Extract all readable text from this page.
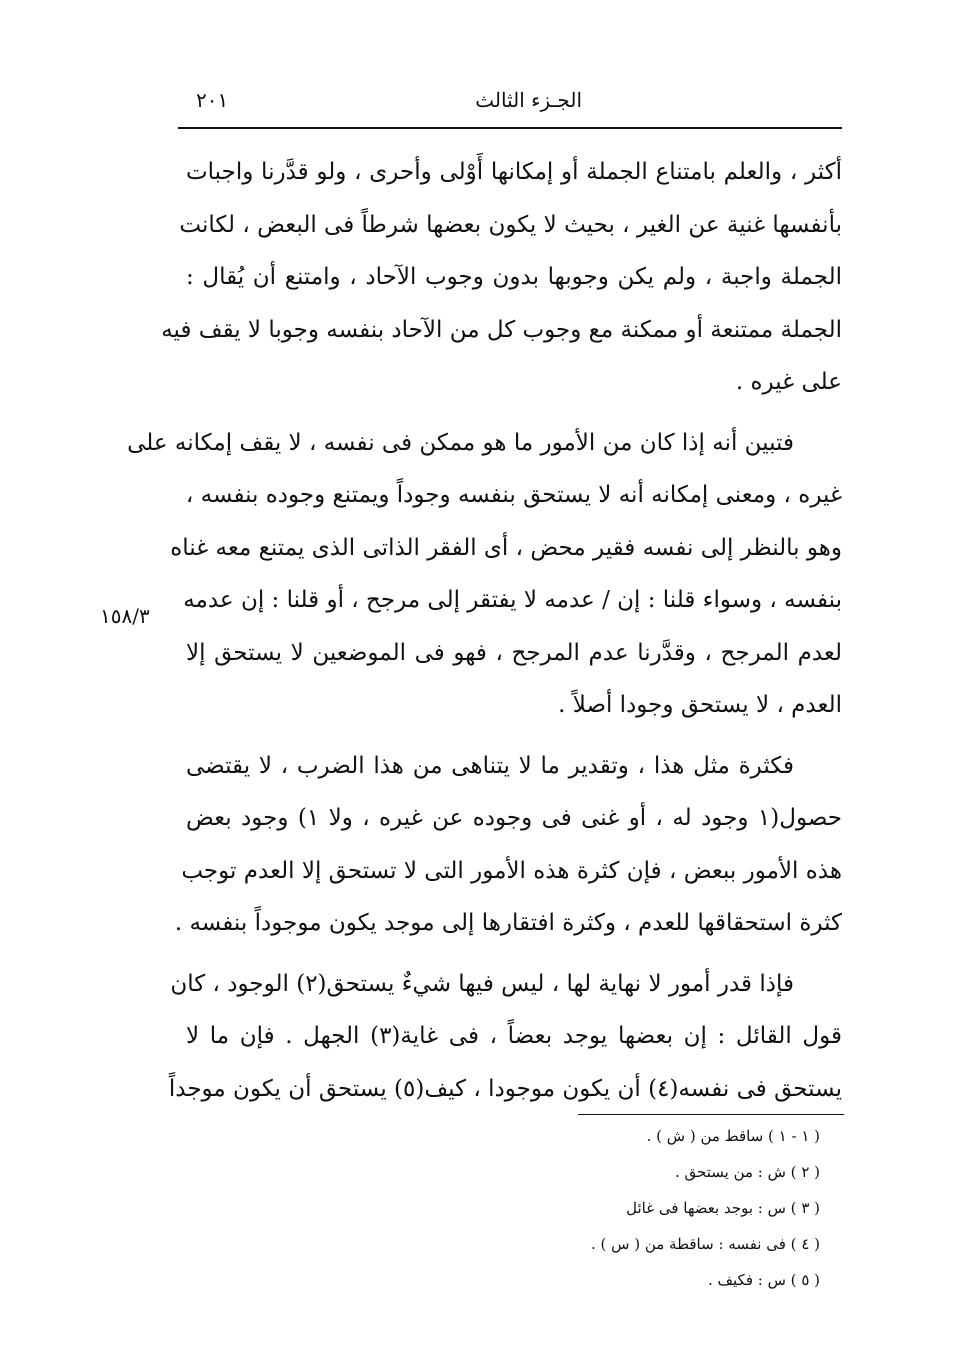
الجـزء الثالث
٢٠١
١٥٨/٣
أكثر ، والعلم بامتناع الجملة أو إمكانها أَوْلى وأحرى ، ولو قدَّرنا واجبات
بأنفسها غنية عن الغير ، بحيث لا يكون بعضها شرطاً فى البعض ، لكانت
الجملة واجبة ، ولم يكن وجوبها بدون وجوب الآحاد ، وامتنع أن يُقال :
الجملة ممتنعة أو ممكنة مع وجوب كل من الآحاد بنفسه وجوبا لا يقف فيه
على غيره .
فتبين أنه إذا كان من الأمور ما هو ممكن فى نفسه ، لا يقف إمكانه على
غيره ، ومعنى إمكانه أنه لا يستحق بنفسه وجوداً ويمتنع وجوده بنفسه ،
وهو بالنظر إلى نفسه فقير محض ، أى الفقر الذاتى الذى يمتنع معه غناه
بنفسه ، وسواء قلنا : إن / عدمه لا يفتقر إلى مرجح ، أو قلنا : إن عدمه
لعدم المرجح ، وقدَّرنا عدم المرجح ، فهو فى الموضعين لا يستحق إلا
العدم ، لا يستحق وجودا أصلاً .
فكثرة مثل هذا ، وتقدير ما لا يتناهى من هذا الضرب ، لا يقتضى
حصول(١ وجود له ، أو غنى فى وجوده عن غيره ، ولا ١) وجود بعض
هذه الأمور ببعض ، فإن كثرة هذه الأمور التى لا تستحق إلا العدم توجب
كثرة استحقاقها للعدم ، وكثرة افتقارها إلى موجد يكون موجوداً بنفسه .
فإذا قدر أمور لا نهاية لها ، ليس فيها شيءٌ يستحق(٢) الوجود ، كان
قول القائل : إن بعضها يوجد بعضاً ، فى غاية(٣) الجهل . فإن ما لا
يستحق فى نفسه(٤) أن يكون موجودا ، كيف(٥) يستحق أن يكون موجداً
( ١ - ١ ) ساقط من ( ش ) .
( ٢ ) ش : من يستحق .
( ٣ ) س : بوجد بعضها فى غائل
( ٤ ) فى نفسه : ساقطة من ( س ) .
( ٥ ) س : فكيف .
